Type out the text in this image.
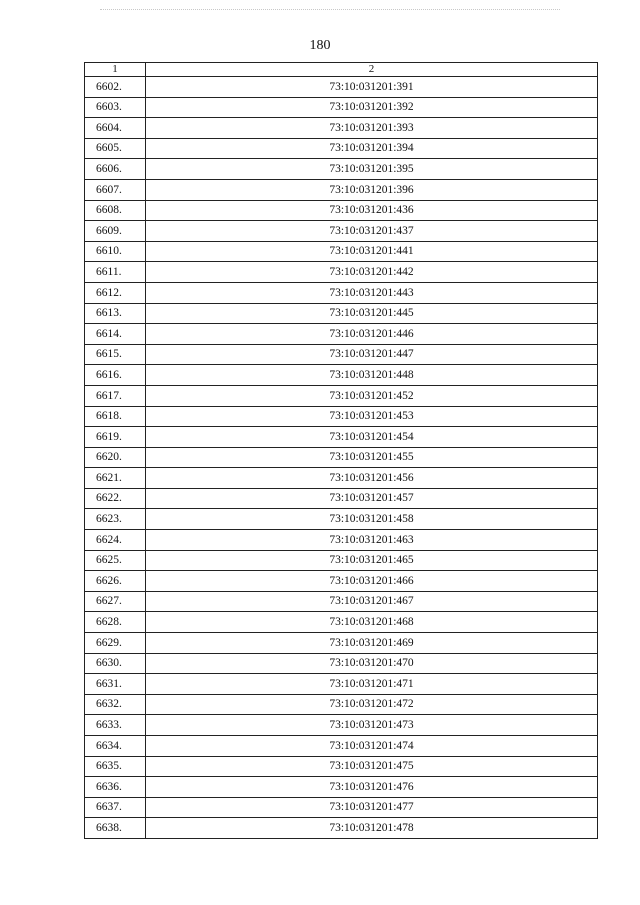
180
1	2
6602.	73:10:031201:391
6603.	73:10:031201:392
6604.	73:10:031201:393
6605.	73:10:031201:394
6606.	73:10:031201:395
6607.	73:10:031201:396
6608.	73:10:031201:436
6609.	73:10:031201:437
6610.	73:10:031201:441
6611.	73:10:031201:442
6612.	73:10:031201:443
6613.	73:10:031201:445
6614.	73:10:031201:446
6615.	73:10:031201:447
6616.	73:10:031201:448
6617.	73:10:031201:452
6618.	73:10:031201:453
6619.	73:10:031201:454
6620.	73:10:031201:455
6621.	73:10:031201:456
6622.	73:10:031201:457
6623.	73:10:031201:458
6624.	73:10:031201:463
6625.	73:10:031201:465
6626.	73:10:031201:466
6627.	73:10:031201:467
6628.	73:10:031201:468
6629.	73:10:031201:469
6630.	73:10:031201:470
6631.	73:10:031201:471
6632.	73:10:031201:472
6633.	73:10:031201:473
6634.	73:10:031201:474
6635.	73:10:031201:475
6636.	73:10:031201:476
6637.	73:10:031201:477
6638.	73:10:031201:478
